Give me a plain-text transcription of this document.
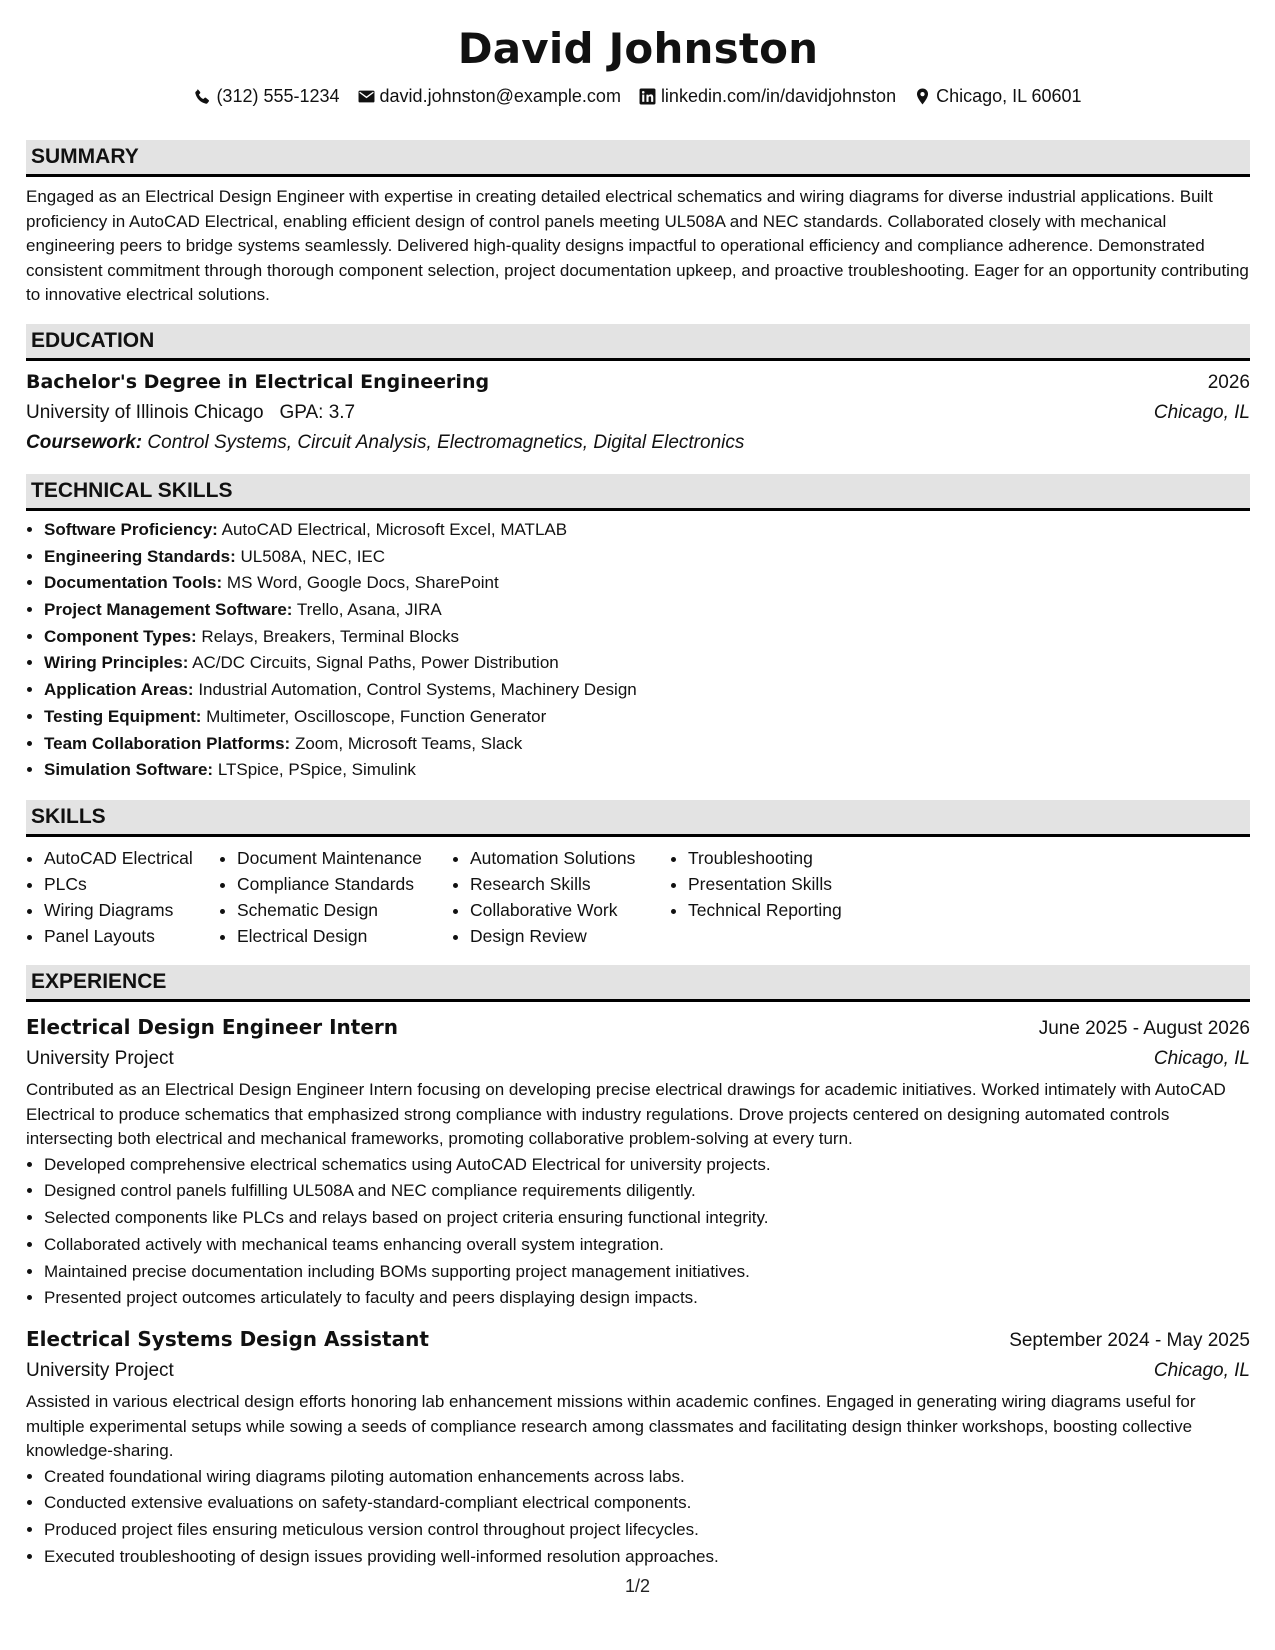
David Johnston
(312) 555-1234 david.johnston@example.com linkedin.com/in/davidjohnston Chicago, IL 60601
SUMMARY

Engaged as an Electrical Design Engineer with expertise in creating detailed electrical schematics and wiring diagrams for diverse industrial applications. Built proficiency in AutoCAD Electrical, enabling efficient design of control panels meeting UL508A and NEC standards. Collaborated closely with mechanical engineering peers to bridge systems seamlessly. Delivered high-quality designs impactful to operational efficiency and compliance adherence. Demonstrated consistent commitment through thorough component selection, project documentation upkeep, and proactive troubleshooting. Eager for an opportunity contributing to innovative electrical solutions.

EDUCATION
Bachelor's Degree in Electrical Engineering	2026
University of Illinois Chicago GPA: 3.7	Chicago, IL
Coursework: Control Systems, Circuit Analysis, Electromagnetics, Digital Electronics
TECHNICAL SKILLS
• Software Proficiency: AutoCAD Electrical, Microsoft Excel, MATLAB
• Engineering Standards: UL508A, NEC, IEC
• Documentation Tools: MS Word, Google Docs, SharePoint
• Project Management Software: Trello, Asana, JIRA
• Component Types: Relays, Breakers, Terminal Blocks
• Wiring Principles: AC/DC Circuits, Signal Paths, Power Distribution
• Application Areas: Industrial Automation, Control Systems, Machinery Design
• Testing Equipment: Multimeter, Oscilloscope, Function Generator
• Team Collaboration Platforms: Zoom, Microsoft Teams, Slack
• Simulation Software: LTSpice, PSpice, Simulink
SKILLS
• AutoCAD Electrical
• PLCs
• Wiring Diagrams
• Panel Layouts
• Document Maintenance
• Compliance Standards
• Schematic Design
• Electrical Design
• Automation Solutions
• Research Skills
• Collaborative Work
• Design Review
• Troubleshooting
• Presentation Skills
• Technical Reporting
EXPERIENCE
Electrical Design Engineer Intern	June 2025 - August 2026
University Project	Chicago, IL

Contributed as an Electrical Design Engineer Intern focusing on developing precise electrical drawings for academic initiatives. Worked intimately with AutoCAD Electrical to produce schematics that emphasized strong compliance with industry regulations. Drove projects centered on designing automated controls intersecting both electrical and mechanical frameworks, promoting collaborative problem-solving at every turn.

• Developed comprehensive electrical schematics using AutoCAD Electrical for university projects.
• Designed control panels fulfilling UL508A and NEC compliance requirements diligently.
• Selected components like PLCs and relays based on project criteria ensuring functional integrity.
• Collaborated actively with mechanical teams enhancing overall system integration.
• Maintained precise documentation including BOMs supporting project management initiatives.
• Presented project outcomes articulately to faculty and peers displaying design impacts.
Electrical Systems Design Assistant	September 2024 - May 2025
University Project	Chicago, IL

Assisted in various electrical design efforts honoring lab enhancement missions within academic confines. Engaged in generating wiring diagrams useful for multiple experimental setups while sowing a seeds of compliance research among classmates and facilitating design thinker workshops, boosting collective knowledge-sharing.

• Created foundational wiring diagrams piloting automation enhancements across labs.
• Conducted extensive evaluations on safety-standard-compliant electrical components.
• Produced project files ensuring meticulous version control throughout project lifecycles.
• Executed troubleshooting of design issues providing well-informed resolution approaches.
1/2
